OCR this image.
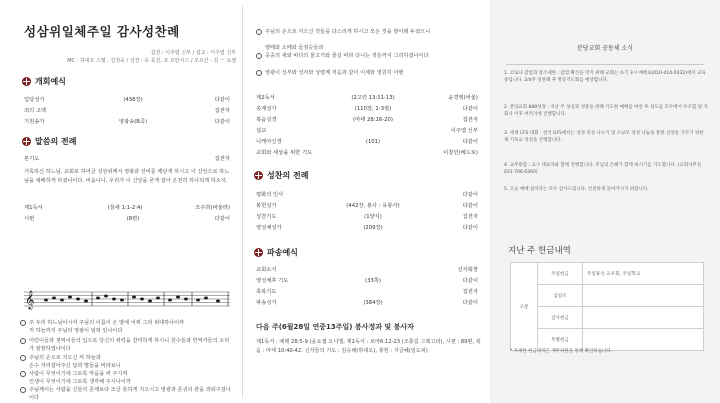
성삼위일체주일 감사성찬례
집전 : 이주엽 신부 / 설교 : 이주엽 신부
MC : 허대오 스텔 , 김정숙 / 성찬 : 유 효진, 조 프란시스 / 오르간 : 김 ㅡ 요셉
개회예식
입당성가	(438장)	다같이
죄의 고백	집전자
기원송가	영광송(B곡)	다같이
말씀의 전례
본기도	집전자
거룩하신 하느님, 교회로 하여금 성삼위께서 영광과 선비를 깨닫게 하시고 이 신앙으로 하느님을 예배하게 하셨나이다. 비옵나니, 우리가 이 신앙을 굳게 잡아 온전히 하나되게 하소서.
제1독서	(창세 1:1-2:4)	조주희(바울라)
시편	(8편)	다같이
𝄞
주 우리 하느님이시여 주님의 이름이 온 땅에 어찌 그리 위대하나이까
저 하늘까지 주님의 영광이 덮혀 있나이다
어린이들과 젖먹이들의 입으로 당신의 위력을 찬미하게 하시니 원수들과 반역자들의 소리가 잠잠하였나이다
주님의 손으로 지으신 저 하늘과
손수 자리잡아주신 달과 별들을 바라보니
사람이 무엇이기에 그토록 마음을 써 주시며
인생이 무엇이기에 그토록 생각해 주시나이까
주님께서는 사람을 신들의 존재보다 조금 못하게 지으시고 영광과 존귀의 관을 씌워주셨나이다
주님의 손으로 지으신 것들을 다스리게 하시고 모든 것을 발아래 두셨으니
양떼와 소떼와 들짐승들과
공중의 새와 바다의 물고기와 물길 따라 다니는 것들까지 그리하셨나이다
영광이 성부와 성자와 성령께 처음과 같이 이제와 영원히 아멘
제2독서	(2고린 13:11-13)	윤경택(바울)
층계성가	(110장, 1-3절)	다같이
복음성경	(마태 28:16-20)	집전자
설교	이주엽 신부
니케아신경	(101)	다같이
교회와 세상을 위한 기도	이창민(베드로)
성찬의 전례
평화의 인사	다같이
봉헌성가	(442장, 봉사 : 유봉사)	다같이
성찬기도	(1양식)	집전자
영성체성가	(209장)	다같이
파송예식
교회소식	신자회장
영성체후 기도	(33쪽)	다같이
축복기도	집전자
파송성가	(384장)	다같이
다음 주(6월28일 연중13주일) 봉사정과 및 봉사자
제1독서 : 예레 28:5-9 (윤요셉 오니엘, 제2독서 : 로마6:12-23 (조통길 그레고리), 시편 : 89편, 복음 : 마태 10:40-42, 신자들의 기도 : 김승해(하대오), 봉헌 : 지금혜(임도피)
분당교회 공동체 소식
1. 코로나 감염과 장소제한 : 감염 확산을 막기 위해 교회는 초기 3시 예배로(010-414-0332)에서 교육 중입니다. 2/4주 성찬례 후 방송기도회를 예상합니다.
2. 분당교회 888성경 : 지난 주 성실과 성중을 위해 기도한 예배를 마친 후 성도를 모두에서 우조합 및 지회사 이후 여러기에 진행합니다.
3. 세계 CFS 대회 : 전국 GFS에서는 성경 묵상 나누기 및 소규모 성경 나눔을 통한 신앙을 가꾸기 위한 제 기독교 성전을 진행합니다.
4. 교무통합 : 교구 대표자와 함께 진행합니다. 주님의 은혜가 함께 하시기를 기도합니다. (교회사무실 031-706-0360)
5. 오늘 예배 참석자는 모두 감사드립니다. 안전하게 돌아가시기 바랍니다.
지난 주 헌금내역
구분	주일헌금	주일휴석 교우회, 주일학교
	십일조	
	감사헌금	
	특별헌금	
* 자세한 헌금내역은 재무위원을 통해 확인하십니다.
